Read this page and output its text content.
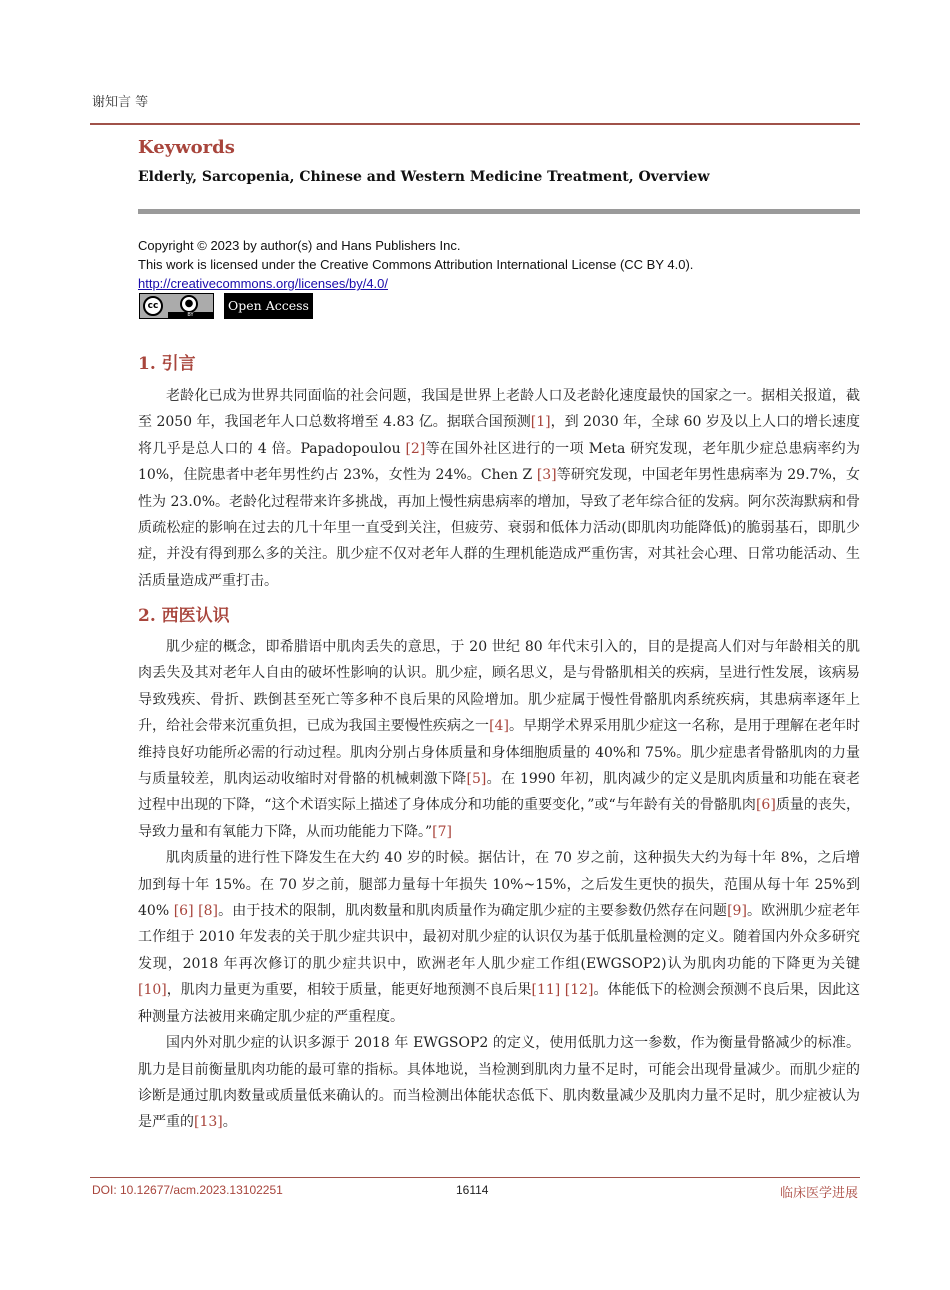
谢知言 等
Keywords
Elderly, Sarcopenia, Chinese and Western Medicine Treatment, Overview
Copyright © 2023 by author(s) and Hans Publishers Inc.
This work is licensed under the Creative Commons Attribution International License (CC BY 4.0).
http://creativecommons.org/licenses/by/4.0/
cc	●
BY
Open Access
1. 引言

老龄化已成为世界共同面临的社会问题，我国是世界上老龄人口及老龄化速度最快的国家之一。据相关报道，截至 2050 年，我国老年人口总数将增至 4.83 亿。据联合国预测[1]，到 2030 年，全球 60 岁及以上人口的增长速度将几乎是总人口的 4 倍。Papadopoulou [2]等在国外社区进行的一项 Meta 研究发现，老年肌少症总患病率约为 10%，住院患者中老年男性约占 23%，女性为 24%。Chen Z [3]等研究发现，中国老年男性患病率为 29.7%，女性为 23.0%。老龄化过程带来许多挑战，再加上慢性病患病率的增加，导致了老年综合征的发病。阿尔茨海默病和骨质疏松症的影响在过去的几十年里一直受到关注，但疲劳、衰弱和低体力活动(即肌肉功能降低)的脆弱基石，即肌少症，并没有得到那么多的关注。肌少症不仅对老年人群的生理机能造成严重伤害，对其社会心理、日常功能活动、生活质量造成严重打击。

2. 西医认识

肌少症的概念，即希腊语中肌肉丢失的意思，于 20 世纪 80 年代末引入的，目的是提高人们对与年龄相关的肌肉丢失及其对老年人自由的破坏性影响的认识。肌少症，顾名思义，是与骨骼肌相关的疾病，呈进行性发展，该病易导致残疾、骨折、跌倒甚至死亡等多种不良后果的风险增加。肌少症属于慢性骨骼肌肉系统疾病，其患病率逐年上升，给社会带来沉重负担，已成为我国主要慢性疾病之一[4]。早期学术界采用肌少症这一名称，是用于理解在老年时维持良好功能所必需的行动过程。肌肉分别占身体质量和身体细胞质量的 40%和 75%。肌少症患者骨骼肌肉的力量与质量较差，肌肉运动收缩时对骨骼的机械刺激下降[5]。在 1990 年初，肌肉减少的定义是肌肉质量和功能在衰老过程中出现的下降，“这个术语实际上描述了身体成分和功能的重要变化，”或“与年龄有关的骨骼肌肉[6]质量的丧失，导致力量和有氧能力下降，从而功能能力下降。”[7]

肌肉质量的进行性下降发生在大约 40 岁的时候。据估计，在 70 岁之前，这种损失大约为每十年 8%，之后增加到每十年 15%。在 70 岁之前，腿部力量每十年损失 10%~15%，之后发生更快的损失，范围从每十年 25%到 40% [6] [8]。由于技术的限制，肌肉数量和肌肉质量作为确定肌少症的主要参数仍然存在问题[9]。欧洲肌少症老年工作组于 2010 年发表的关于肌少症共识中，最初对肌少症的认识仅为基于低肌量检测的定义。随着国内外众多研究发现，2018 年再次修订的肌少症共识中，欧洲老年人肌少症工作组(EWGSOP2)认为肌肉功能的下降更为关键[10]，肌肉力量更为重要，相较于质量，能更好地预测不良后果[11] [12]。体能低下的检测会预测不良后果，因此这种测量方法被用来确定肌少症的严重程度。

国内外对肌少症的认识多源于 2018 年 EWGSOP2 的定义，使用低肌力这一参数，作为衡量骨骼减少的标准。肌力是目前衡量肌肉功能的最可靠的指标。具体地说，当检测到肌肉力量不足时，可能会出现骨量减少。而肌少症的诊断是通过肌肉数量或质量低来确认的。而当检测出体能状态低下、肌肉数量减少及肌肉力量不足时，肌少症被认为是严重的[13]。

DOI: 10.12677/acm.2023.13102251	16114	临床医学进展
